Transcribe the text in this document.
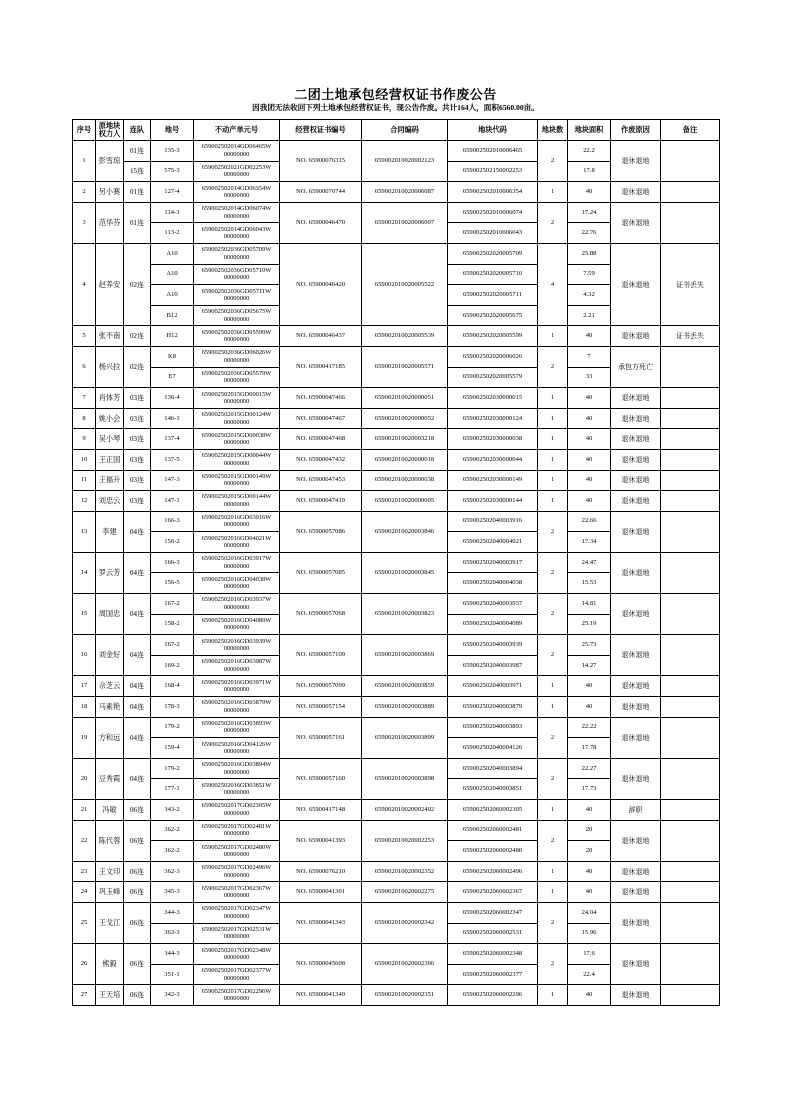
二团土地承包经营权证书作废公告
因我团无法收回下列土地承包经营权证书，现公告作废。共计164人，面积6560.00亩。
序号	原地块权力人	连队	地号	不动产单元号	经营权证书编号	合同编码	地块代码	地块数	地块面积	作废原因	备注
1	彭雪琼	01连	135-3	659002502014GD06465W
00000000	NO. 65900076315	659002010020002123	659002502010006465	2	22.2	退休退地	
		15连	575-3	659002502021GD02253W
00000000			659002502150002253		17.8		
2	另小赛	01连	127-4	659002502014GD06354W
00000000	NO. 65900070744	659002010020006087	659002502010006354	1	40	退休退地	
3	范华芬	01连	114-3	659002502014GD06074W
00000000	NO. 65900046470	659002010020006007	659002502010006074	2	17.24	退休退地	
			113-2	659002502014GD06043W
00000000			659002502010006043		22.76		
4	赵养安	02连	A10	659002502036GD05709W
00000000	NO. 65900046420	659002010020005522	659002502020005709	4	25.88	退休退地	证书丢失
			A10	659002502036GD05710W
00000000			659002502020005710		7.59		
			A10	659002502036GD05711W
00000000			659002502020005711		4.32		
			B12	659002502036GD05675W
00000000			659002502020005675		2.21		
5	张不南	02连	H12	659002502036GD05599W
00000000	NO. 65900046437	659002010020005539	659002502020005599	1	40	退休退地	证书丢失
6	杨兴拉	02连	K8	659002502036GD06026W
00000000	NO. 65900417185	659002010020005571	659002502020006026	2	7	承包方死亡	
			E7	659002502036GD05579W
00000000			659002502020005579		33		
7	肖体芳	03连	136-4	659002502015GD00015W
00000000	NO. 65900047466	659002010020000051	659002502030000015	1	40	退休退地	
8	姚小会	03连	146-1	659002502015GD00124W
00000000	NO. 65900047467	659002010020000052	659002502030000124	1	40	退休退地	
9	吴小琴	03连	137-4	659002502015GD00038W
00000000	NO. 65900047468	659002010020003218	659002502030000038	1	40	退休退地	
10	王正国	03连	137-5	659002502015GD00044W
00000000	NO. 65900047432	659002010020000018	659002502030000044	1	40	退休退地	
11	王福升	03连	147-3	659002502015GD00149W
00000000	NO. 65900047453	659002010020000038	659002502030000149	1	40	退休退地	
12	刘忠云	03连	147-1	659002502015GD00144W
00000000	NO. 65900047419	659002010020000005	659002502030000144	1	40	退休退地	
13	李建	04连	166-3	659002502016GD03916W
00000000	NO. 65900057086	659002010020003846	659002502040003916	2	22.66	退休退地	
			156-2	659002502016GD04021W
00000000			659002502040004021		17.34		
14	罗云芳	04连	166-3	659002502016GD03917W
00000000	NO. 65900057085	659002010020003845	659002502040003917	2	24.47	退休退地	
			156-5	659002502016GD04038W
00000000			659002502040004038		15.53		
15	周国忠	04连	167-2	659002502016GD03937W
00000000	NO. 65900057068	659002010020003823	659002502040003937	2	14.81	退休退地	
			158-2	659002502016GD04089W
00000000			659002502040004089		25.19		
16	刘金好	04连	167-2	659002502016GD03939W
00000000	NO. 65900057109	659002010020003869	659002502040003939	2	25.73	退休退地	
			169-2	659002502016GD03987W
00000000			659002502040003987		14.27		
17	佘芝云	04连	168-4	659002502016GD03971W
00000000	NO. 65900057099	659002010020003859	659002502040003971	1	40	退休退地	
18	马素艳	04连	178-3	659002502016GD03879W
00000000	NO. 65900057154	659002010020003889	659002502040003879	1	40	退休退地	
19	方和远	04连	179-2	659002502016GD03893W
00000000	NO. 65900057161	659002010020003899	659002502040003893	2	22.22	退休退地	
			159-4	659002502016GD04126W
00000000			659002502040004126		17.78		
20	豆秀霞	04连	179-2	659002502016GD03894W
00000000	NO. 65900057160	659002010020003898	659002502040003894	2	22.27	退休退地	
			177-1	659002502016GD03851W
00000000			659002502040003851		17.73		
21	冯敏	06连	343-2	659002502017GD02305W
00000000	NO. 65900417148	659002010020002402	659002502060002305	1	40	辞职	
22	陈代蓉	06连	362-2	659002502017GD02481W
00000000	NO. 65900041393	659002010020002253	659002502060002481	2	20	退休退地	
			362-2	659002502017GD02480W
00000000			659002502060002480		20		
23	王文印	06连	362-3	659002502017GD02496W
00000000	NO. 65900076210	659002010020002352	659002502060002496	1	40	退休退地	
24	巩玉峰	06连	345-3	659002502017GD02367W
00000000	NO. 65900041301	659002010020002275	659002502060002367	1	40	退休退地	
25	王戈江	06连	344-3	659002502017GD02347W
00000000	NO. 65900041343	659002010020002342	659002502060002347	2	24.04	退休退地	
			363-3	659002502017GD02531W
00000000			659002502060002531		15.96		
26	熊毅	06连	344-3	659002502017GD02348W
00000000	NO. 65900045608	659002010020002366	659002502060002348	2	17.6	退休退地	
			351-1	659002502017GD02377W
00000000			659002502060002377		22.4		
27	王天培	06连	342-3	659002502017GD02296W
00000000	NO. 65900041349	659002010020002351	659002502060002296	1	40	退休退地	
